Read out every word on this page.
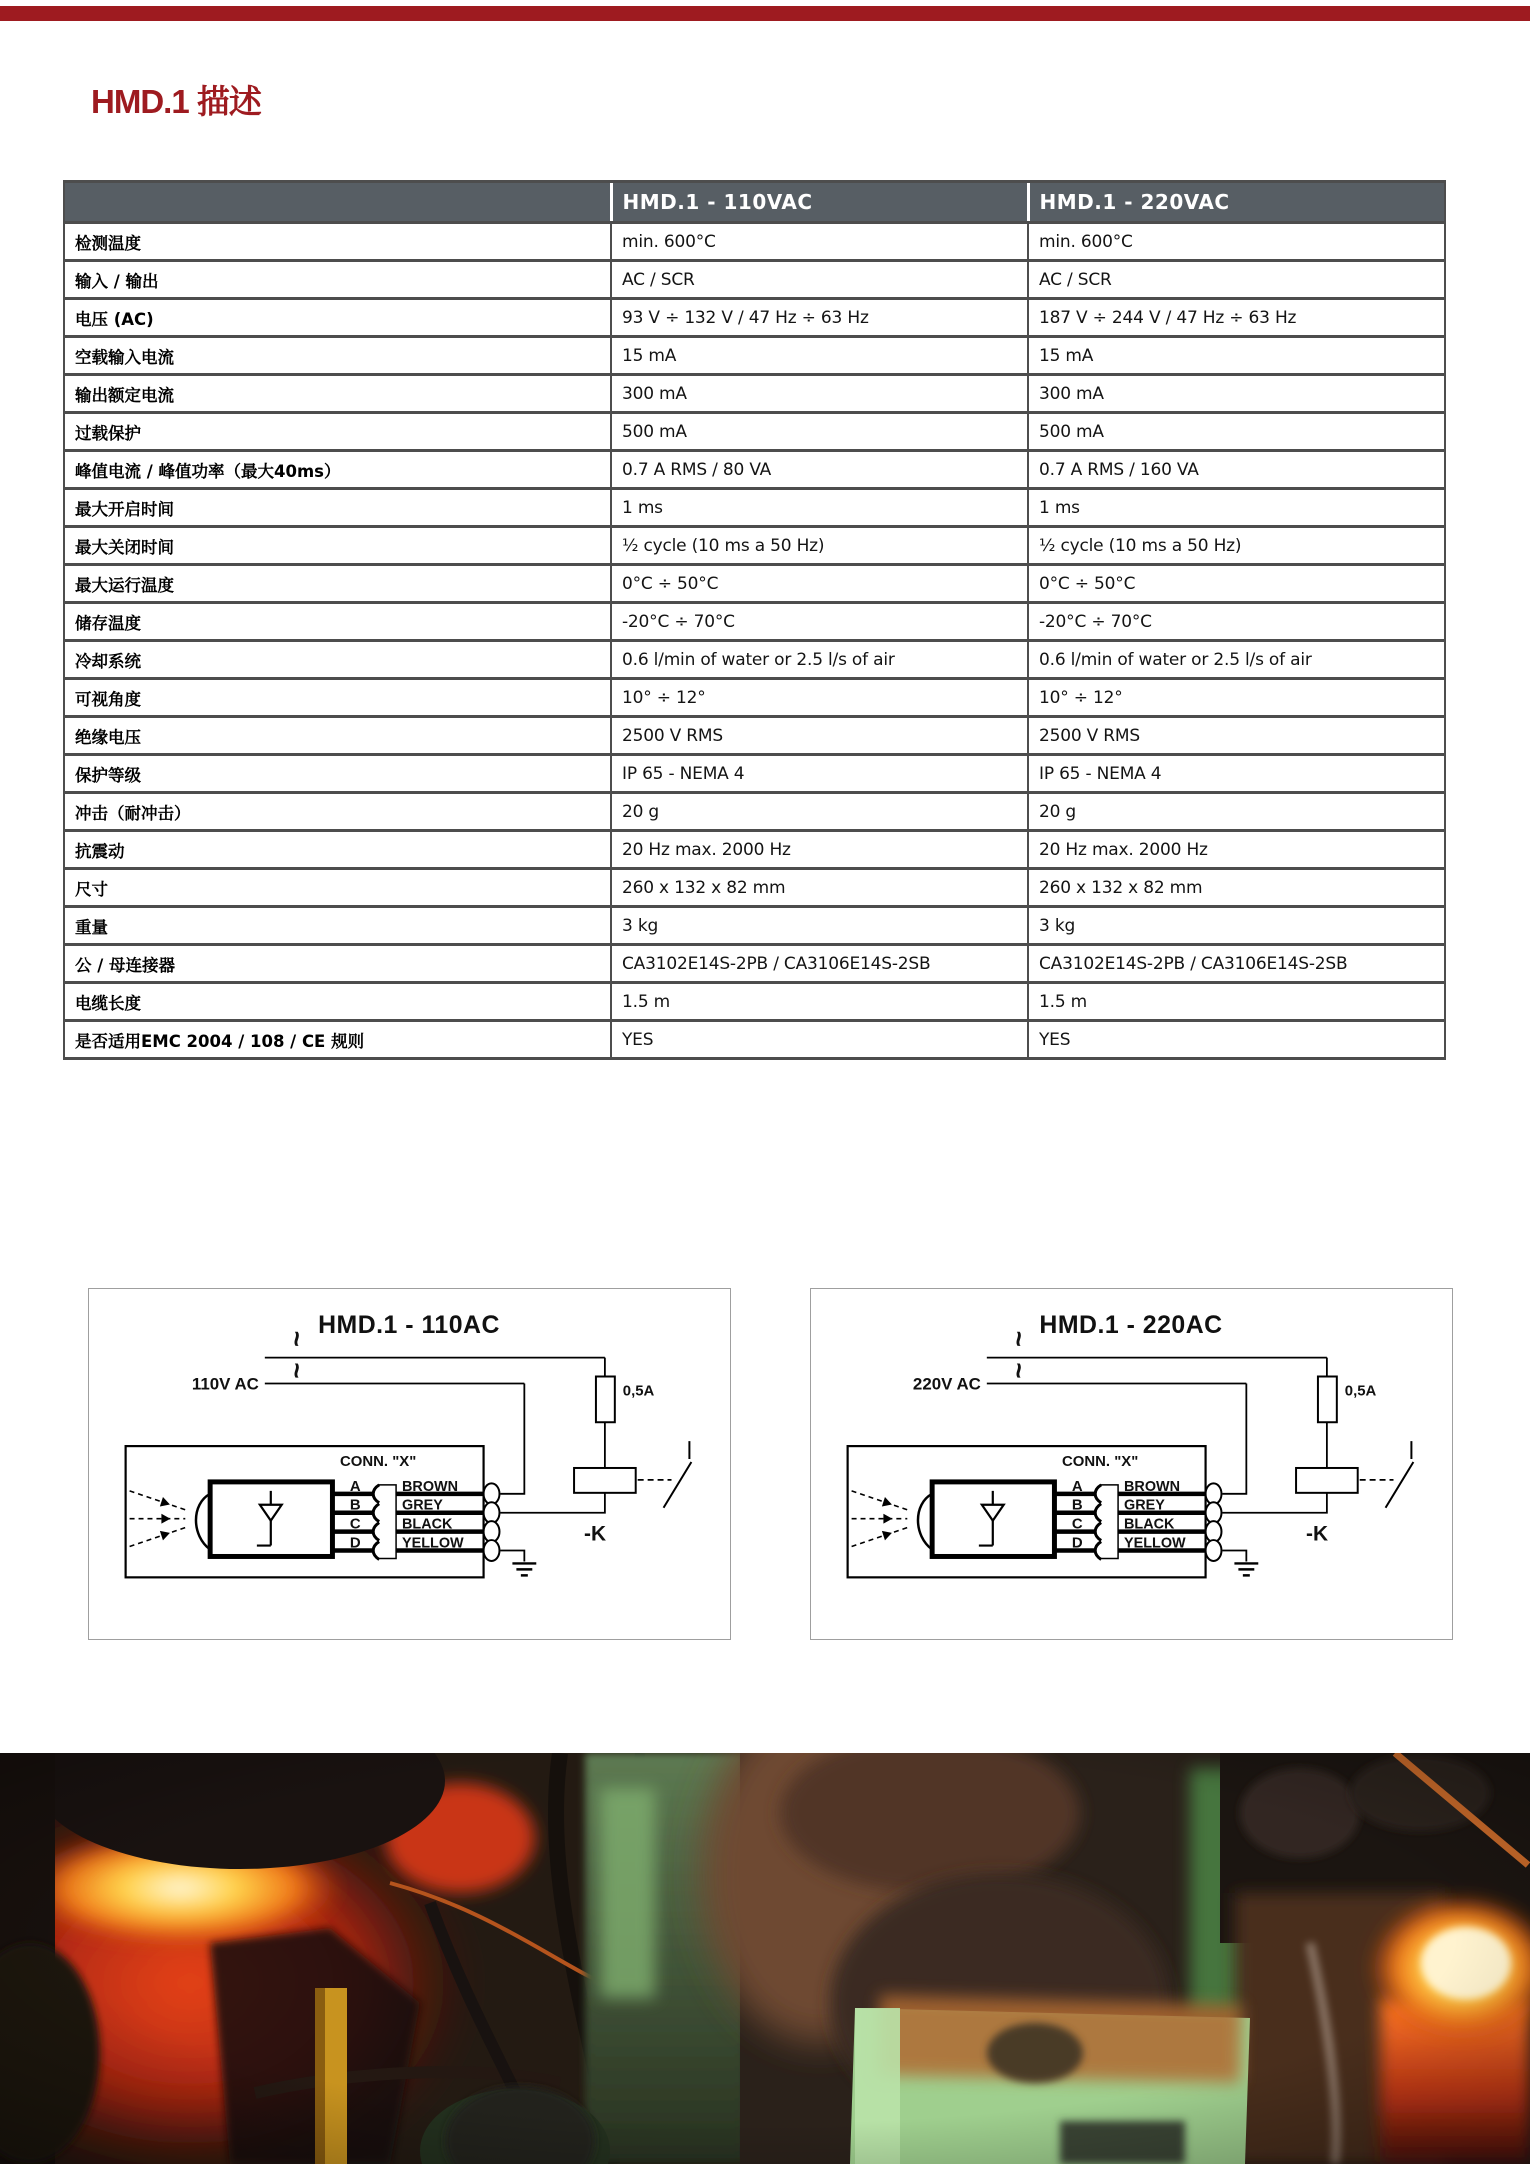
HMD.1 描述
	HMD.1 - 110VAC	HMD.1 - 220VAC
检测温度	min. 600°C	min. 600°C
输入 / 输出	AC / SCR	AC / SCR
电压 (AC)	93 V ÷ 132 V / 47 Hz ÷ 63 Hz	187 V ÷ 244 V / 47 Hz ÷ 63 Hz
空载输入电流	15 mA	15 mA
输出额定电流	300 mA	300 mA
过载保护	500 mA	500 mA
峰值电流 / 峰值功率（最大40ms）	0.7 A RMS / 80 VA	0.7 A RMS / 160 VA
最大开启时间	1 ms	1 ms
最大关闭时间	½ cycle (10 ms a 50 Hz)	½ cycle (10 ms a 50 Hz)
最大运行温度	0°C ÷ 50°C	0°C ÷ 50°C
储存温度	-20°C ÷ 70°C	-20°C ÷ 70°C
冷却系统	0.6 l/min of water or 2.5 l/s of air	0.6 l/min of water or 2.5 l/s of air
可视角度	10° ÷ 12°	10° ÷ 12°
绝缘电压	2500 V RMS	2500 V RMS
保护等级	IP 65 - NEMA 4	IP 65 - NEMA 4
冲击（耐冲击）	20 g	20 g
抗震动	20 Hz max. 2000 Hz	20 Hz max. 2000 Hz
尺寸	260 x 132 x 82 mm	260 x 132 x 82 mm
重量	3 kg	3 kg
公 / 母连接器	CA3102E14S-2PB / CA3106E14S-2SB	CA3102E14S-2PB / CA3106E14S-2SB
电缆长度	1.5 m	1.5 m
是否适用EMC 2004 / 108 / CE 规则	YES	YES
HMD.1 - 110AC
~
~
110V AC	0,5A
-K
CONN. "X"
A
B
C
D
BROWN
GREY
BLACK
YELLOW
HMD.1 - 220AC
~
~
220V AC	0,5A
-K
CONN. "X"
A
B
C
D
BROWN
GREY
BLACK
YELLOW
